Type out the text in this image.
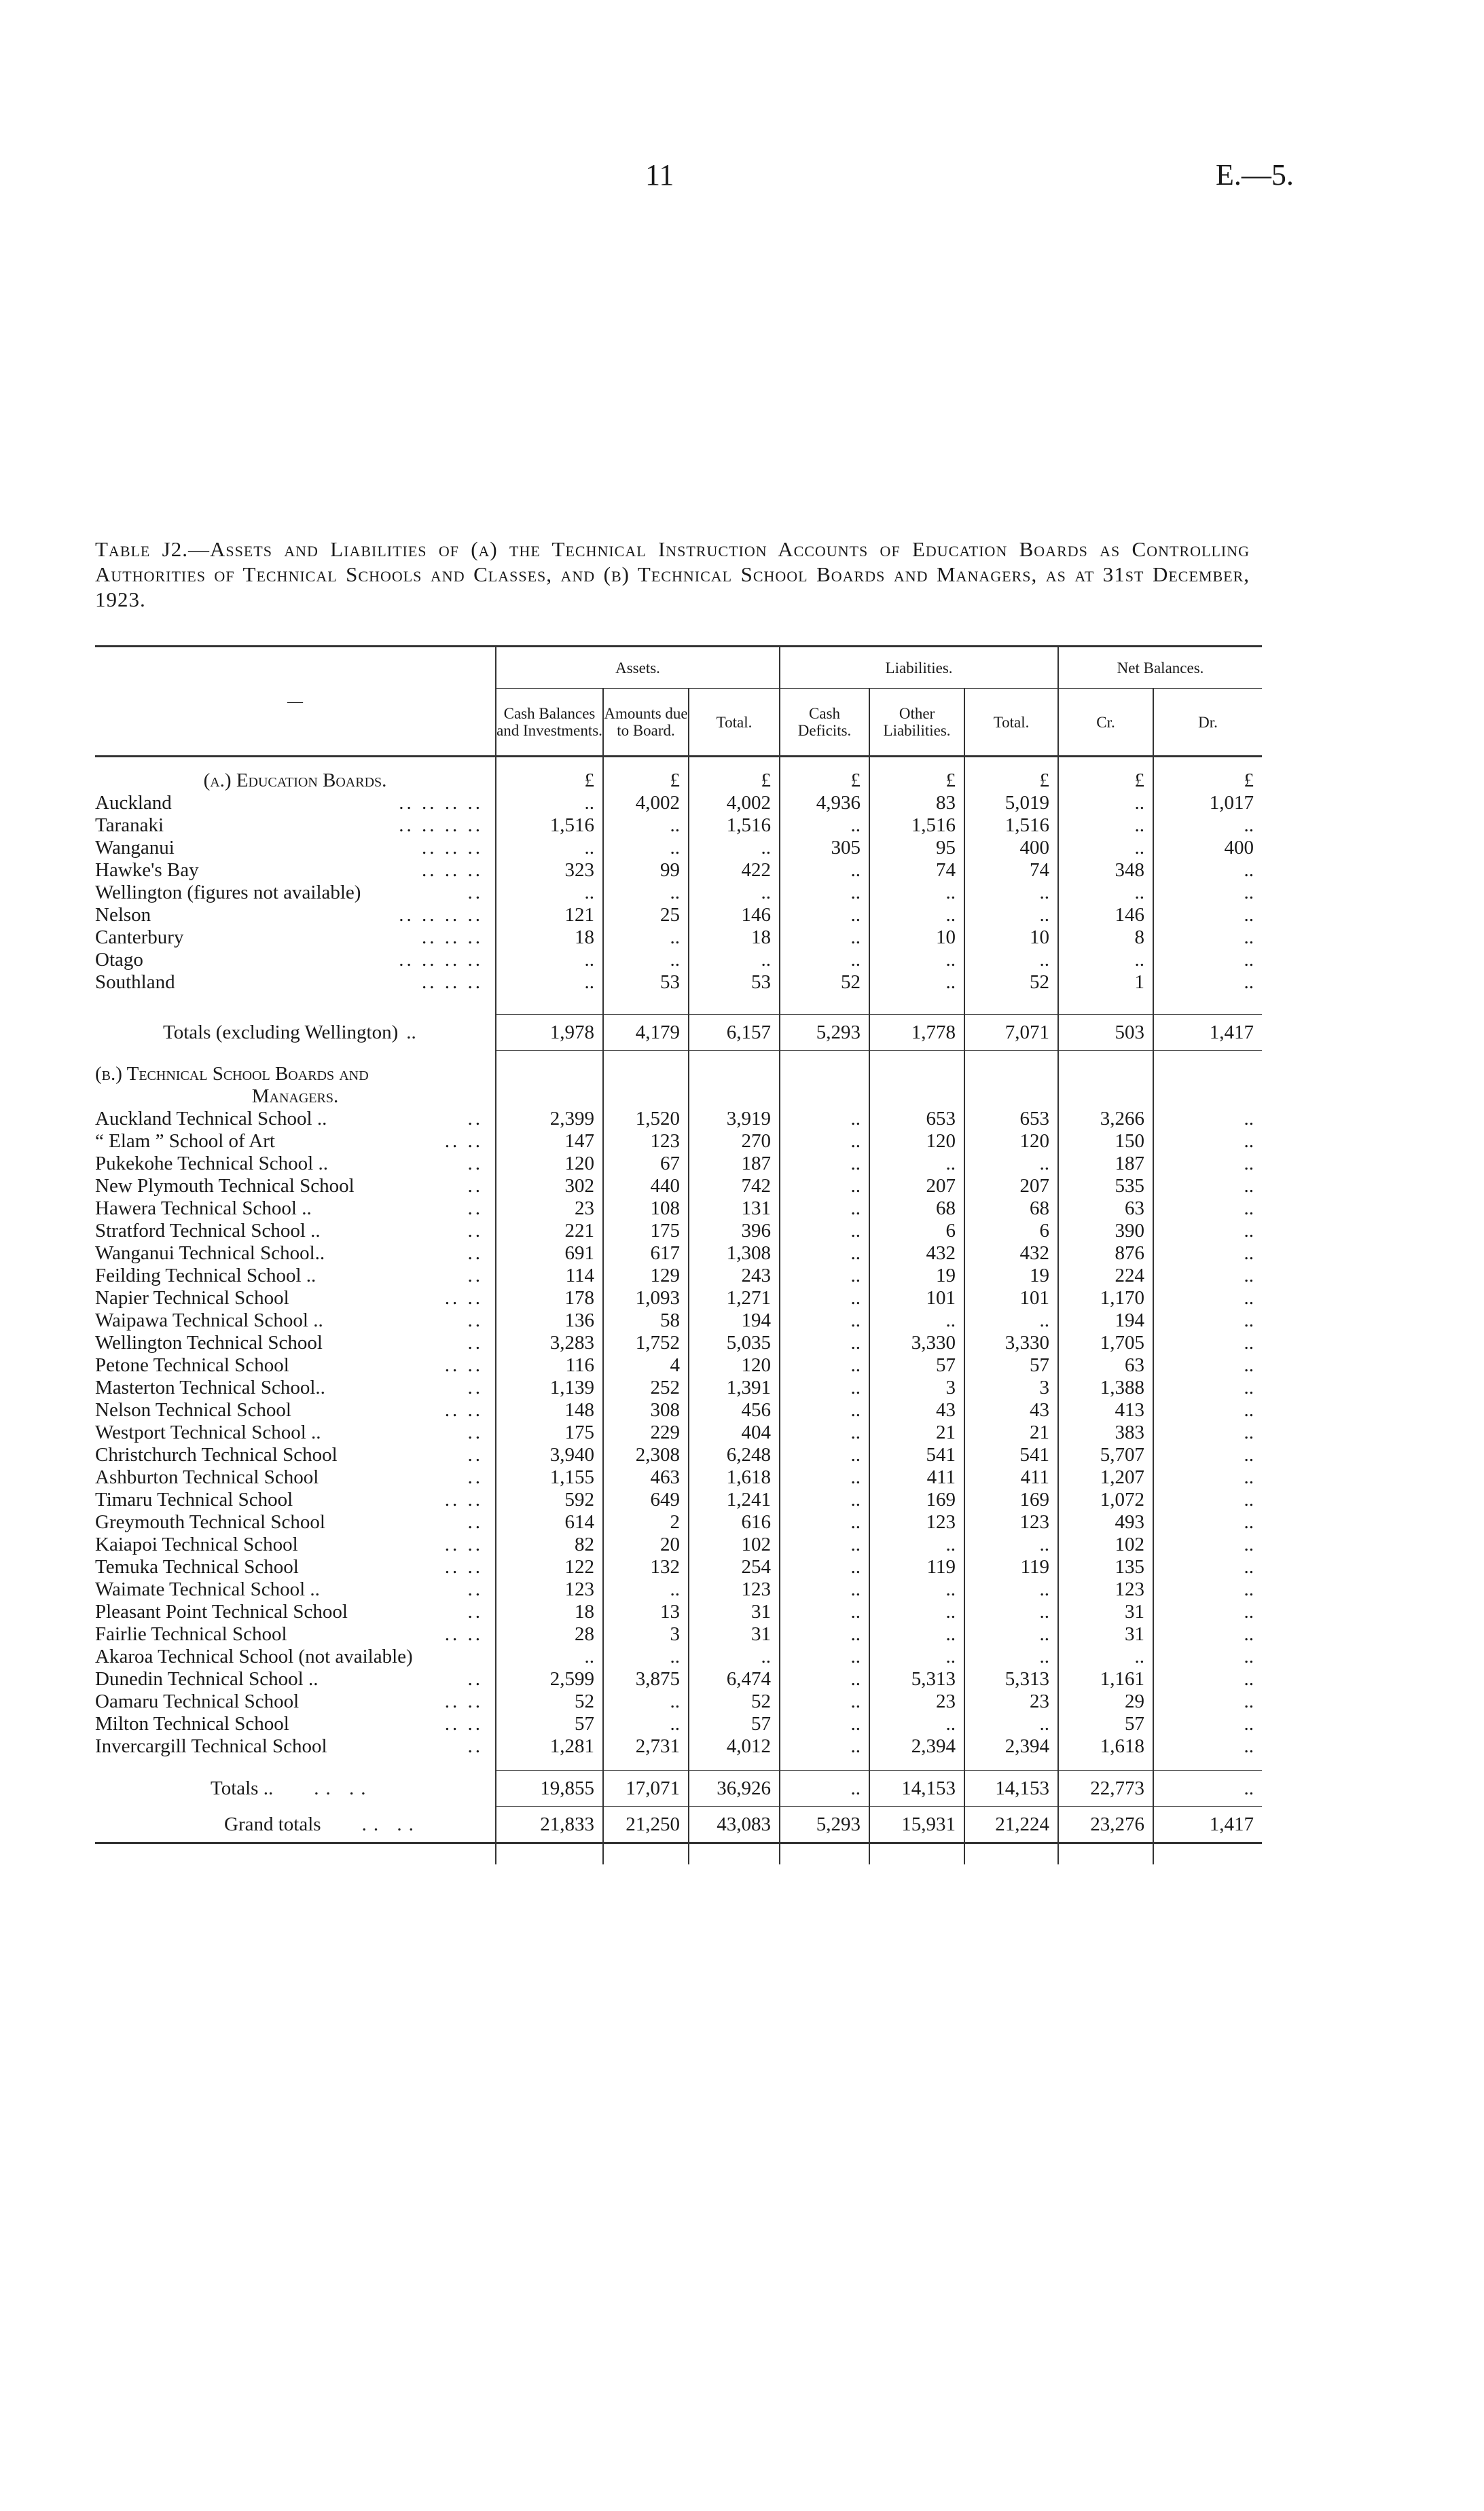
11	E.—5.
Table J2.—Assets and Liabilities of (a) the Technical Instruction Accounts of Education Boards as Controlling Authorities of Technical Schools and Classes, and (b) Technical School Boards and Managers, as at 31st December, 1923.
—	Assets.			Liabilities.			Net Balances.	
	Cash Balances and Investments.	Amounts due to Board.	Total.	Cash Deficits.	Other Liabilities.	Total.	Cr.	Dr.

(a.) Education Boards.	£	£	£	£	£	£	£	£
Auckland .. .. .. ..	..	4,002	4,002	4,936	83	5,019	..	1,017
Taranaki .. .. .. ..	1,516	..	1,516	..	1,516	1,516	..	..
Wanganui .. .. ..	..	..	..	305	95	400	..	400
Hawke's Bay .. .. ..	323	99	422	..	74	74	348	..
Wellington (figures not available) ..	..	..	..	..	..	..	..	..
Nelson .. .. .. ..	121	25	146	..	..	..	146	..
Canterbury .. .. ..	18	..	18	..	10	10	8	..
Otago .. .. .. ..	..	..	..	..	..	..	..	..
Southland .. .. ..	..	53	53	52	..	52	1	..

Totals (excluding Wellington) ..	1,978	4,179	6,157	5,293	1,778	7,071	503	1,417

(b.) Technical School Boards and								
Managers.								
Auckland Technical School .. ..	2,399	1,520	3,919	..	653	653	3,266	..
“ Elam ” School of Art .. ..	147	123	270	..	120	120	150	..
Pukekohe Technical School .. ..	120	67	187	..	..	..	187	..
New Plymouth Technical School ..	302	440	742	..	207	207	535	..
Hawera Technical School .. ..	23	108	131	..	68	68	63	..
Stratford Technical School .. ..	221	175	396	..	6	6	390	..
Wanganui Technical School.. ..	691	617	1,308	..	432	432	876	..
Feilding Technical School .. ..	114	129	243	..	19	19	224	..
Napier Technical School .. ..	178	1,093	1,271	..	101	101	1,170	..
Waipawa Technical School .. ..	136	58	194	..	..	..	194	..
Wellington Technical School ..	3,283	1,752	5,035	..	3,330	3,330	1,705	..
Petone Technical School .. ..	116	4	120	..	57	57	63	..
Masterton Technical School.. ..	1,139	252	1,391	..	3	3	1,388	..
Nelson Technical School .. ..	148	308	456	..	43	43	413	..
Westport Technical School .. ..	175	229	404	..	21	21	383	..
Christchurch Technical School ..	3,940	2,308	6,248	..	541	541	5,707	..
Ashburton Technical School ..	1,155	463	1,618	..	411	411	1,207	..
Timaru Technical School .. ..	592	649	1,241	..	169	169	1,072	..
Greymouth Technical School ..	614	2	616	..	123	123	493	..
Kaiapoi Technical School .. ..	82	20	102	..	..	..	102	..
Temuka Technical School .. ..	122	132	254	..	119	119	135	..
Waimate Technical School .. ..	123	..	123	..	..	..	123	..
Pleasant Point Technical School ..	18	13	31	..	..	..	31	..
Fairlie Technical School .. ..	28	3	31	..	..	..	31	..
Akaroa Technical School (not available)	..	..	..	..	..	..	..	..
Dunedin Technical School .. ..	2,599	3,875	6,474	..	5,313	5,313	1,161	..
Oamaru Technical School .. ..	52	..	52	..	23	23	29	..
Milton Technical School .. ..	57	..	57	..	..	..	57	..
Invercargill Technical School ..	1,281	2,731	4,012	..	2,394	2,394	1,618	..

Totals .. .. ..	19,855	17,071	36,926	..	14,153	14,153	22,773	..
Grand totals .. ..	21,833	21,250	43,083	5,293	15,931	21,224	23,276	1,417
